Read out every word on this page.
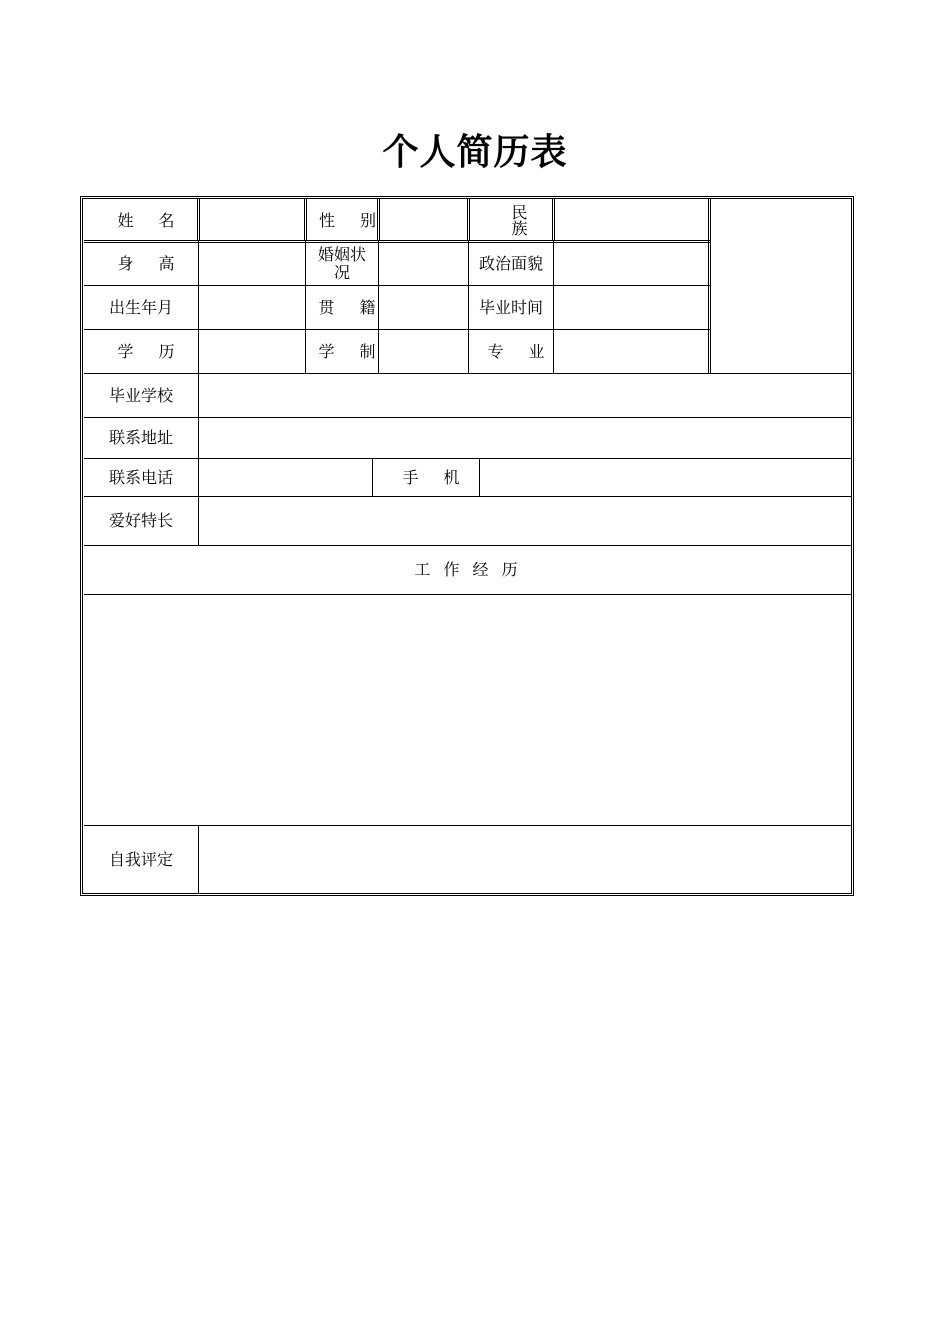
个人简历表
姓 名	性 别	民 族
身 高	婚姻状况	政治面貌
出生年月	贯 籍	毕业时间
学 历	学 制	专 业
毕业学校
联系地址
联系电话	手 机
爱好特长
工 作 经 历
自我评定
